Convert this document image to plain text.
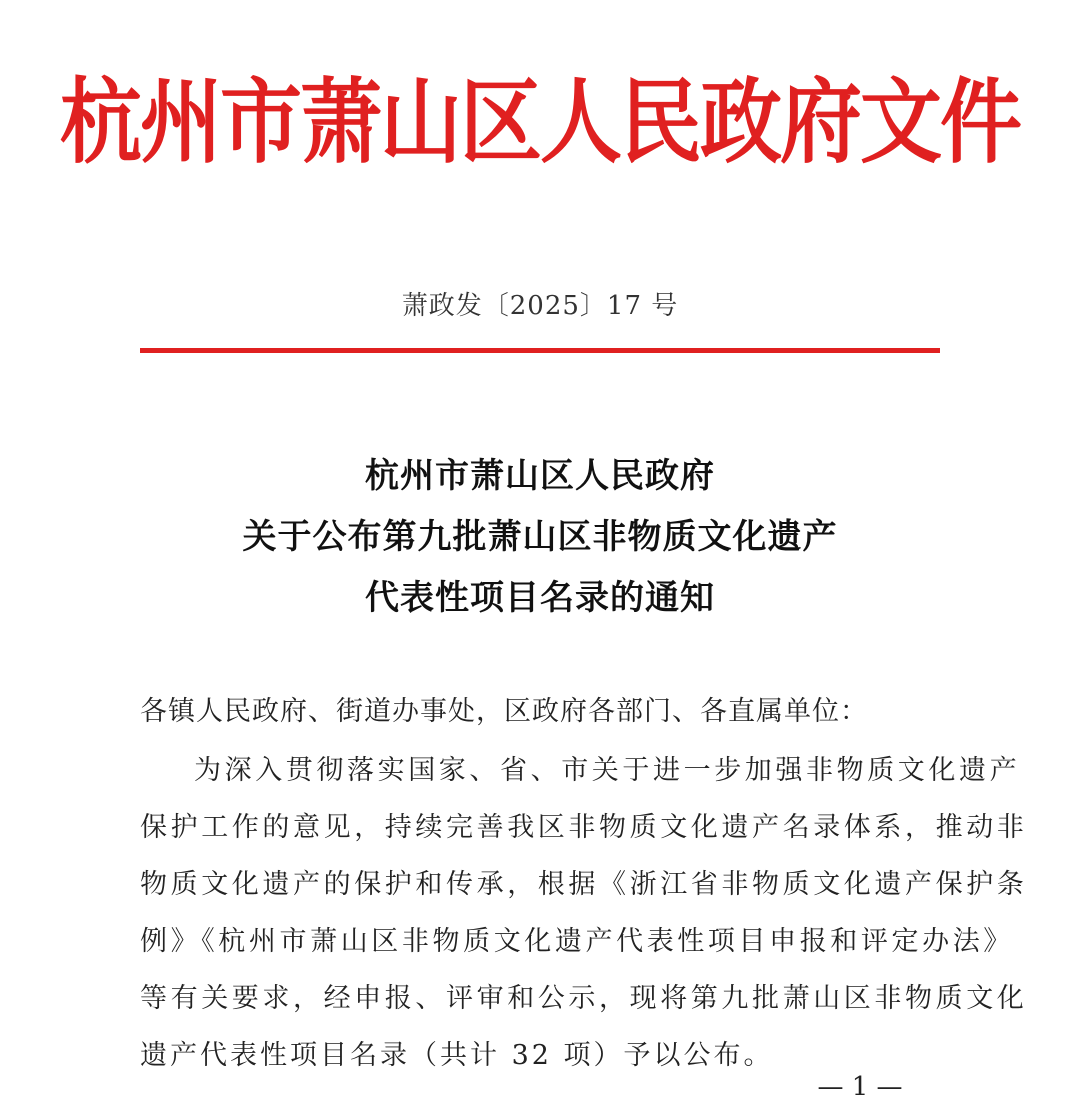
杭州市萧山区人民政府文件
萧政发〔2025〕17 号
杭州市萧山区人民政府
关于公布第九批萧山区非物质文化遗产
代表性项目名录的通知
各镇人民政府、街道办事处，区政府各部门、各直属单位：
为深入贯彻落实国家、省、市关于进一步加强非物质文化遗产
保护工作的意见，持续完善我区非物质文化遗产名录体系，推动非
物质文化遗产的保护和传承，根据《浙江省非物质文化遗产保护条
例》《杭州市萧山区非物质文化遗产代表性项目申报和评定办法》
等有关要求，经申报、评审和公示，现将第九批萧山区非物质文化
遗产代表性项目名录（共计 32 项）予以公布。
— 1 —
